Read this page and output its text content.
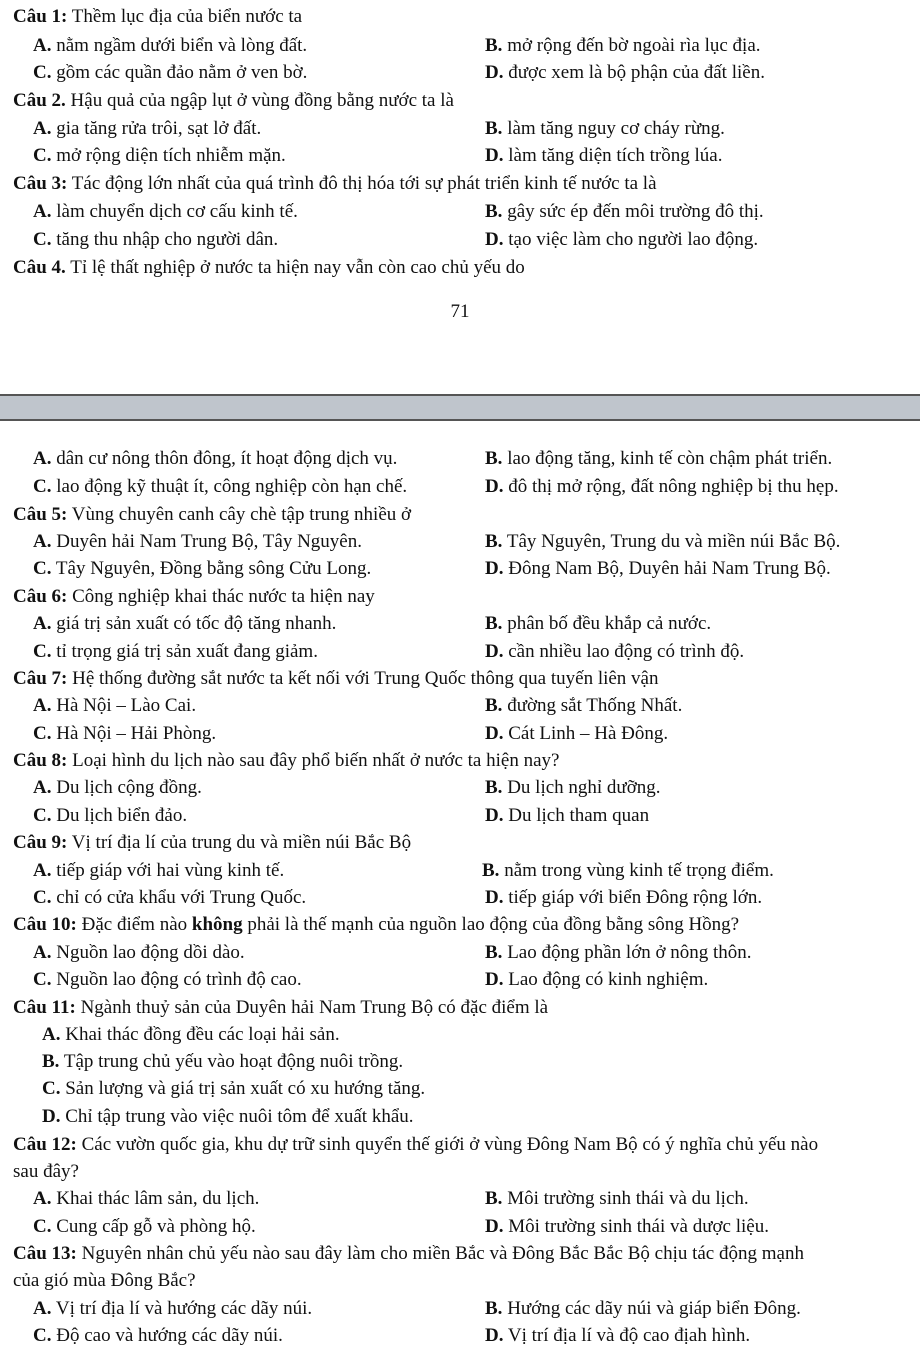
Câu 1: Thềm lục địa của biển nước ta
A. nằm ngầm dưới biển và lòng đất.	B. mở rộng đến bờ ngoài rìa lục địa.
C. gồm các quần đảo nằm ở ven bờ.	D. được xem là bộ phận của đất liền.
Câu 2. Hậu quả của ngập lụt ở vùng đồng bằng nước ta là
A. gia tăng rửa trôi, sạt lở đất.	B. làm tăng nguy cơ cháy rừng.
C. mở rộng diện tích nhiễm mặn.	D. làm tăng diện tích trồng lúa.
Câu 3: Tác động lớn nhất của quá trình đô thị hóa tới sự phát triển kinh tế nước ta là
A. làm chuyển dịch cơ cấu kinh tế.	B. gây sức ép đến môi trường đô thị.
C. tăng thu nhập cho người dân.	D. tạo việc làm cho người lao động.
Câu 4. Tỉ lệ thất nghiệp ở nước ta hiện nay vẫn còn cao chủ yếu do
71
A. dân cư nông thôn đông, ít hoạt động dịch vụ.	B. lao động tăng, kinh tế còn chậm phát triển.
C. lao động kỹ thuật ít, công nghiệp còn hạn chế.	D. đô thị mở rộng, đất nông nghiệp bị thu hẹp.
Câu 5: Vùng chuyên canh cây chè tập trung nhiều ở
A. Duyên hải Nam Trung Bộ, Tây Nguyên.	B. Tây Nguyên, Trung du và miền núi Bắc Bộ.
C. Tây Nguyên, Đồng bằng sông Cửu Long.	D. Đông Nam Bộ, Duyên hải Nam Trung Bộ.
Câu 6: Công nghiệp khai thác nước ta hiện nay
A. giá trị sản xuất có tốc độ tăng nhanh.	B. phân bố đều khắp cả nước.
C. tỉ trọng giá trị sản xuất đang giảm.	D. cần nhiều lao động có trình độ.
Câu 7: Hệ thống đường sắt nước ta kết nối với Trung Quốc thông qua tuyến liên vận
A. Hà Nội – Lào Cai.	B. đường sắt Thống Nhất.
C. Hà Nội – Hải Phòng.	D. Cát Linh – Hà Đông.
Câu 8: Loại hình du lịch nào sau đây phổ biến nhất ở nước ta hiện nay?
A. Du lịch cộng đồng.	B. Du lịch nghỉ dưỡng.
C. Du lịch biển đảo.	D. Du lịch tham quan
Câu 9: Vị trí địa lí của trung du và miền núi Bắc Bộ
A. tiếp giáp với hai vùng kinh tế.	B. nằm trong vùng kinh tế trọng điểm.
C. chỉ có cửa khẩu với Trung Quốc.	D. tiếp giáp với biển Đông rộng lớn.
Câu 10: Đặc điểm nào không phải là thế mạnh của nguồn lao động của đồng bằng sông Hồng?
A. Nguồn lao động dồi dào.	B. Lao động phần lớn ở nông thôn.
C. Nguồn lao động có trình độ cao.	D. Lao động có kinh nghiệm.
Câu 11: Ngành thuỷ sản của Duyên hải Nam Trung Bộ có đặc điểm là
A. Khai thác đồng đều các loại hải sản.
B. Tập trung chủ yếu vào hoạt động nuôi trồng.
C. Sản lượng và giá trị sản xuất có xu hướng tăng.
D. Chỉ tập trung vào việc nuôi tôm để xuất khẩu.
Câu 12: Các vườn quốc gia, khu dự trữ sinh quyển thế giới ở vùng Đông Nam Bộ có ý nghĩa chủ yếu nào
sau đây?
A. Khai thác lâm sản, du lịch.	B. Môi trường sinh thái và du lịch.
C. Cung cấp gỗ và phòng hộ.	D. Môi trường sinh thái và dược liệu.
Câu 13: Nguyên nhân chủ yếu nào sau đây làm cho miền Bắc và Đông Bắc Bắc Bộ chịu tác động mạnh
của gió mùa Đông Bắc?
A. Vị trí địa lí và hướng các dãy núi.	B. Hướng các dãy núi và giáp biển Đông.
C. Độ cao và hướng các dãy núi.	D. Vị trí địa lí và độ cao địah hình.
